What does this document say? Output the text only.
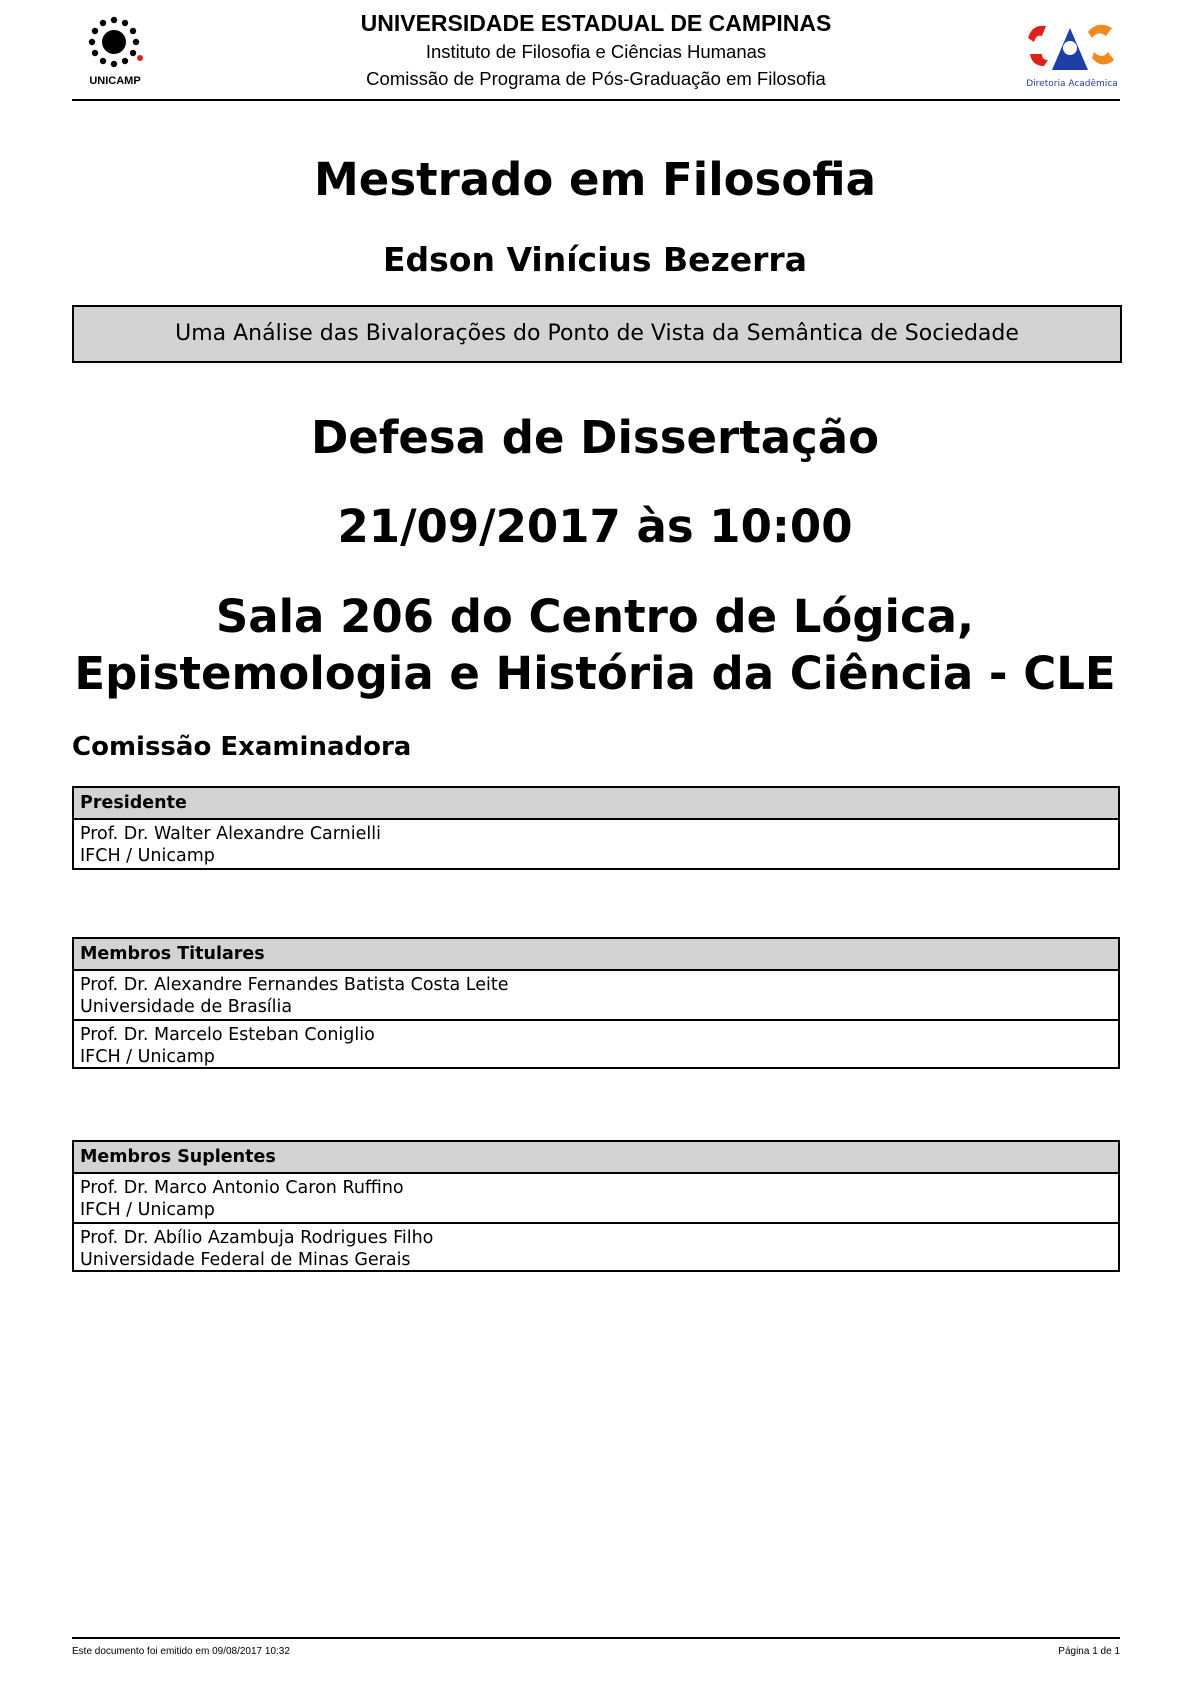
UNICAMP
UNIVERSIDADE ESTADUAL DE CAMPINAS
Instituto de Filosofia e Ciências Humanas
Comissão de Programa de Pós-Graduação em Filosofia	Diretoria Acadêmica
Mestrado em Filosofia
Edson Vinícius Bezerra
Uma Análise das Bivalorações do Ponto de Vista da Semântica de Sociedade
Defesa de Dissertação
21/09/2017 às 10:00
Sala 206 do Centro de Lógica,
Epistemologia e História da Ciência - CLE
Comissão Examinadora
Presidente
Prof. Dr. Walter Alexandre Carnielli
IFCH / Unicamp
Membros Titulares
Prof. Dr. Alexandre Fernandes Batista Costa Leite
Universidade de Brasília
Prof. Dr. Marcelo Esteban Coniglio
IFCH / Unicamp
Membros Suplentes
Prof. Dr. Marco Antonio Caron Ruffino
IFCH / Unicamp
Prof. Dr. Abílio Azambuja Rodrigues Filho
Universidade Federal de Minas Gerais
Este documento foi emitido em 09/08/2017 10:32	Página 1 de 1
